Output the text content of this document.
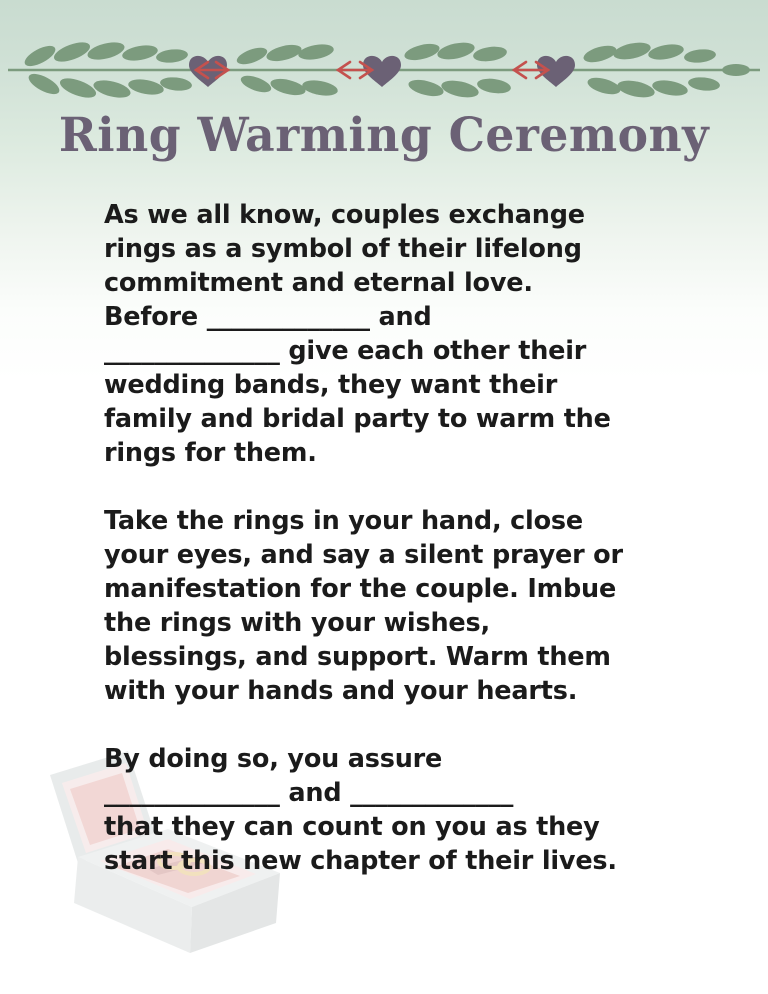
Ring Warming Ceremony

As we all know, couples exchange
rings as a symbol of their lifelong
commitment and eternal love.
Before _____________ and
______________ give each other their
wedding bands, they want their
family and bridal party to warm the
rings for them.

Take the rings in your hand, close
your eyes, and say a silent prayer or
manifestation for the couple. Imbue
the rings with your wishes,
blessings, and support. Warm them
with your hands and your hearts.

By doing so, you assure
______________ and _____________
that they can count on you as they
start this new chapter of their lives.
